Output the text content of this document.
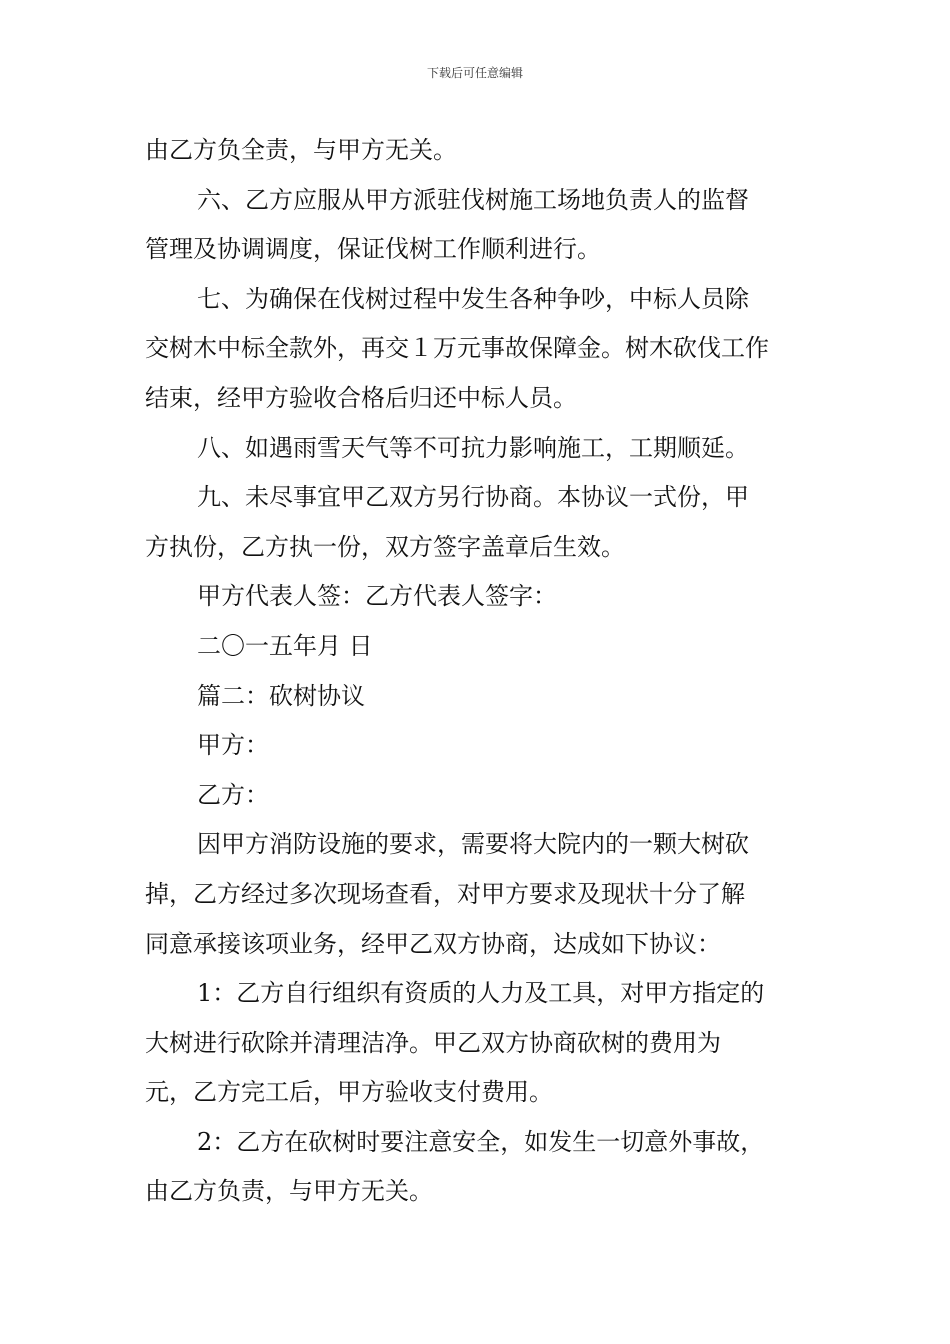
下载后可任意编辑

由乙方负全责，与甲方无关。

六、乙方应服从甲方派驻伐树施工场地负责人的监督

管理及协调调度，保证伐树工作顺利进行。

七、为确保在伐树过程中发生各种争吵，中标人员除

交树木中标全款外，再交１万元事故保障金。树木砍伐工作

结束，经甲方验收合格后归还中标人员。

八、如遇雨雪天气等不可抗力影响施工，工期顺延。

九、未尽事宜甲乙双方另行协商。本协议一式份，甲

方执份，乙方执一份，双方签字盖章后生效。

甲方代表人签：乙方代表人签字：

二〇一五年月 日

篇二：砍树协议

甲方：

乙方：

因甲方消防设施的要求，需要将大院内的一颗大树砍

掉，乙方经过多次现场查看，对甲方要求及现状十分了解

同意承接该项业务，经甲乙双方协商，达成如下协议：

1：乙方自行组织有资质的人力及工具，对甲方指定的

大树进行砍除并清理洁净。甲乙双方协商砍树的费用为

元，乙方完工后，甲方验收支付费用。

2：乙方在砍树时要注意安全，如发生一切意外事故，

由乙方负责，与甲方无关。
